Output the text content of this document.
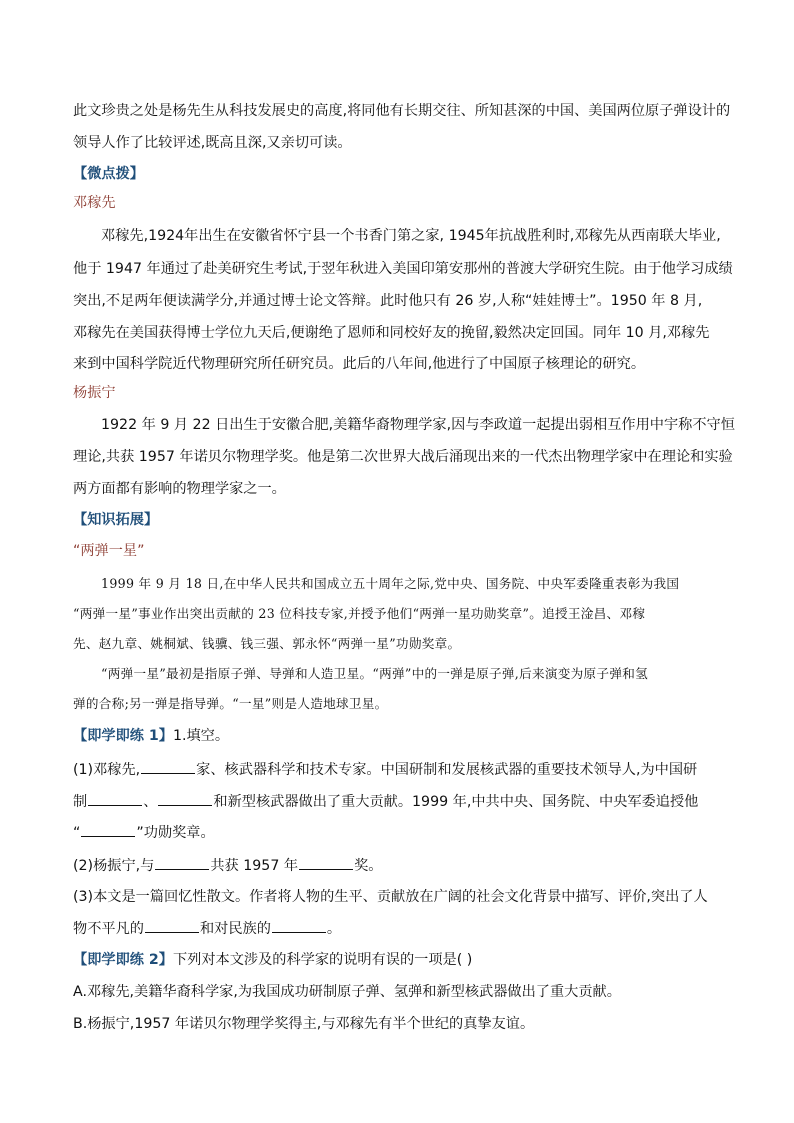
此文珍贵之处是杨先生从科技发展史的高度,将同他有长期交往、所知甚深的中国、美国两位原子弹设计的
领导人作了比较评述,既高且深,又亲切可读。
【微点拨】
邓稼先
邓稼先,1924年出生在安徽省怀宁县一个书香门第之家, 1945年抗战胜利时,邓稼先从西南联大毕业,
他于 1947 年通过了赴美研究生考试,于翌年秋进入美国印第安那州的普渡大学研究生院。由于他学习成绩
突出,不足两年便读满学分,并通过博士论文答辩。此时他只有 26 岁,人称“娃娃博士”。1950 年 8 月,
邓稼先在美国获得博士学位九天后,便谢绝了恩师和同校好友的挽留,毅然决定回国。同年 10 月,邓稼先
来到中国科学院近代物理研究所任研究员。此后的八年间,他进行了中国原子核理论的研究。
杨振宁
1922 年 9 月 22 日出生于安徽合肥,美籍华裔物理学家,因与李政道一起提出弱相互作用中宇称不守恒
理论,共获 1957 年诺贝尔物理学奖。他是第二次世界大战后涌现出来的一代杰出物理学家中在理论和实验
两方面都有影响的物理学家之一。
【知识拓展】
“两弹一星”
1999 年 9 月 18 日,在中华人民共和国成立五十周年之际,党中央、国务院、中央军委隆重表彰为我国
“两弹一星”事业作出突出贡献的 23 位科技专家,并授予他们“两弹一星功勋奖章”。追授王淦昌、邓稼
先、赵九章、姚桐斌、钱骥、钱三强、郭永怀“两弹一星”功勋奖章。
“两弹一星”最初是指原子弹、导弹和人造卫星。“两弹”中的一弹是原子弹,后来演变为原子弹和氢
弹的合称;另一弹是指导弹。“一星”则是人造地球卫星。
【即学即练 1】1.填空。
(1)邓稼先,	家、核武器科学和技术专家。中国研制和发展核武器的重要技术领导人,为中国研
制	、	和新型核武器做出了重大贡献。1999 年,中共中央、国务院、中央军委追授他
“	”功勋奖章。
(2)杨振宁,与	共获 1957 年	奖。
(3)本文是一篇回忆性散文。作者将人物的生平、贡献放在广阔的社会文化背景中描写、评价,突出了人
物不平凡的	和对民族的	。
【即学即练 2】下列对本文涉及的科学家的说明有误的一项是( )
A.邓稼先,美籍华裔科学家,为我国成功研制原子弹、氢弹和新型核武器做出了重大贡献。
B.杨振宁,1957 年诺贝尔物理学奖得主,与邓稼先有半个世纪的真挚友谊。
